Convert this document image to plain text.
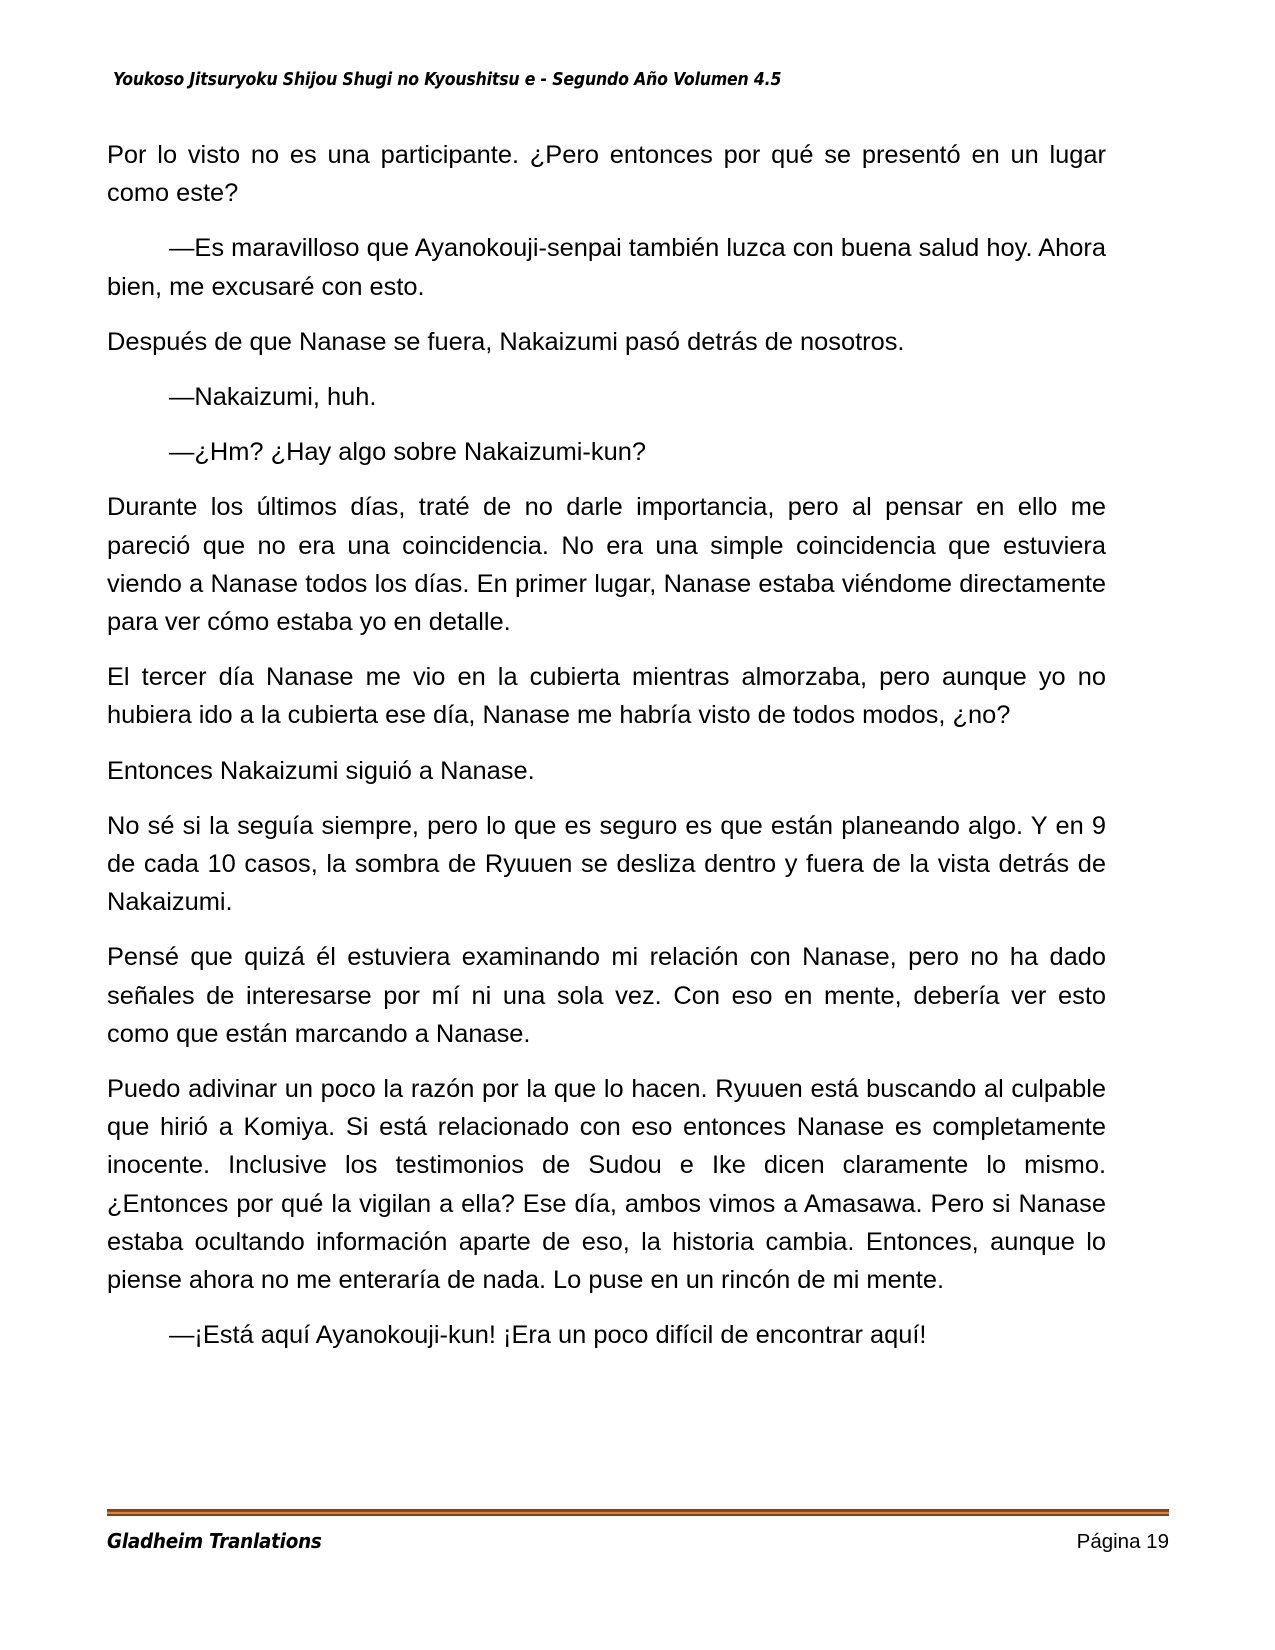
Youkoso Jitsuryoku Shijou Shugi no Kyoushitsu e - Segundo Año Volumen 4.5

Por lo visto no es una participante. ¿Pero entonces por qué se presentó en un lugar como este?

—Es maravilloso que Ayanokouji-senpai también luzca con buena salud hoy. Ahora bien, me excusaré con esto.

Después de que Nanase se fuera, Nakaizumi pasó detrás de nosotros.

—Nakaizumi, huh.

—¿Hm? ¿Hay algo sobre Nakaizumi-kun?

Durante los últimos días, traté de no darle importancia, pero al pensar en ello me pareció que no era una coincidencia. No era una simple coincidencia que estuviera viendo a Nanase todos los días. En primer lugar, Nanase estaba viéndome directamente para ver cómo estaba yo en detalle.

El tercer día Nanase me vio en la cubierta mientras almorzaba, pero aunque yo no hubiera ido a la cubierta ese día, Nanase me habría visto de todos modos, ¿no?

Entonces Nakaizumi siguió a Nanase.

No sé si la seguía siempre, pero lo que es seguro es que están planeando algo. Y en 9 de cada 10 casos, la sombra de Ryuuen se desliza dentro y fuera de la vista detrás de Nakaizumi.

Pensé que quizá él estuviera examinando mi relación con Nanase, pero no ha dado señales de interesarse por mí ni una sola vez. Con eso en mente, debería ver esto como que están marcando a Nanase.

Puedo adivinar un poco la razón por la que lo hacen. Ryuuen está buscando al culpable que hirió a Komiya. Si está relacionado con eso entonces Nanase es completamente inocente. Inclusive los testimonios de Sudou e Ike dicen claramente lo mismo. ¿Entonces por qué la vigilan a ella? Ese día, ambos vimos a Amasawa. Pero si Nanase estaba ocultando información aparte de eso, la historia cambia. Entonces, aunque lo piense ahora no me enteraría de nada. Lo puse en un rincón de mi mente.

—¡Está aquí Ayanokouji-kun! ¡Era un poco difícil de encontrar aquí!

Gladheim Tranlations	Página 19
